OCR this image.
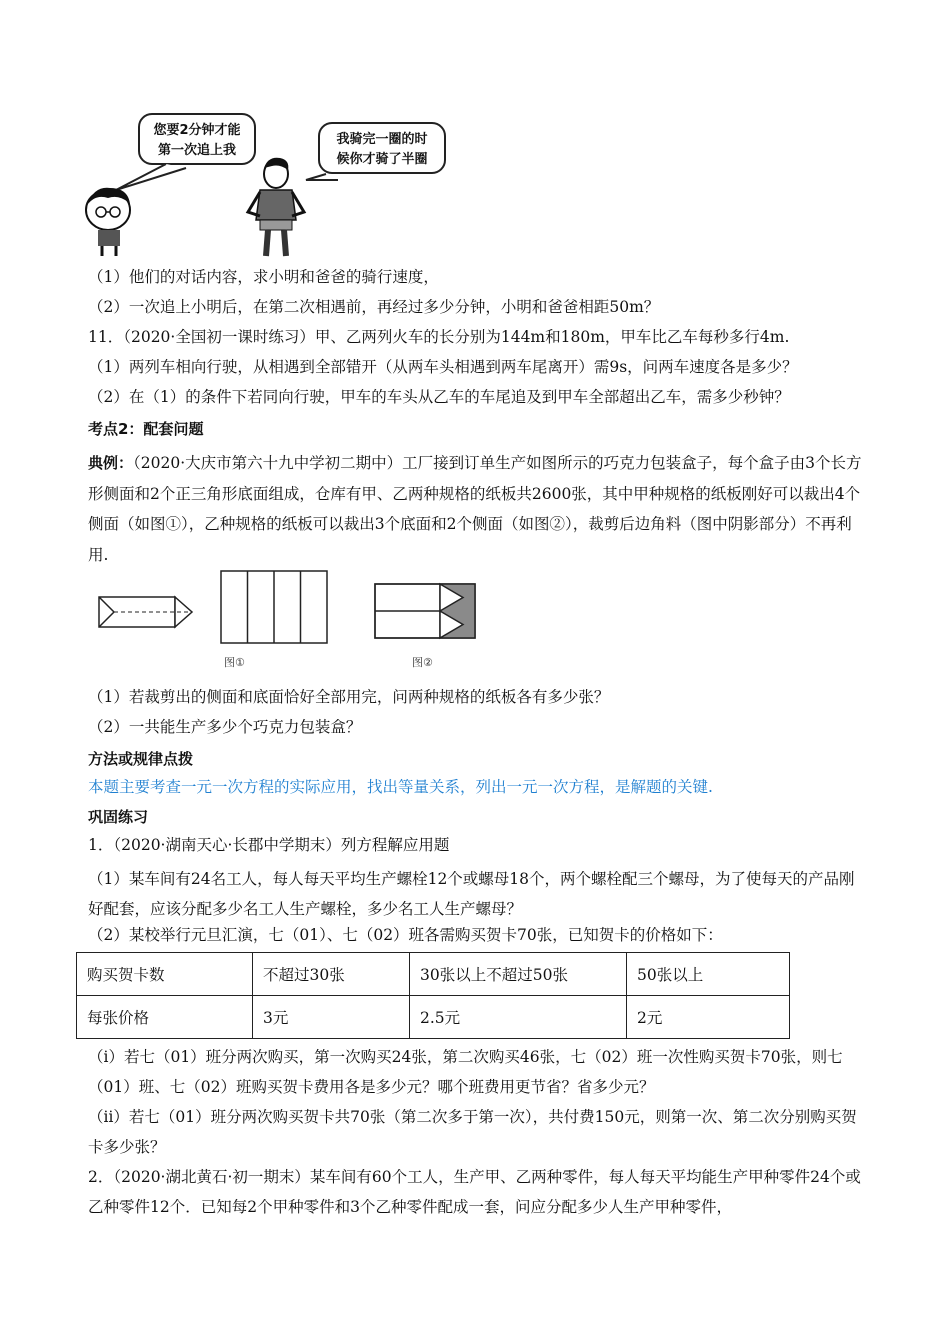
您要2分钟才能
第一次追上我
我骑完一圈的时
候你才骑了半圈
（1）他们的对话内容，求小明和爸爸的骑行速度，
（2）一次追上小明后，在第二次相遇前，再经过多少分钟，小明和爸爸相距50m？
11．（2020·全国初一课时练习）甲、乙两列火车的长分别为144m和180m，甲车比乙车每秒多行4m.
（1）两列车相向行驶，从相遇到全部错开（从两车头相遇到两车尾离开）需9s，问两车速度各是多少？
（2）在（1）的条件下若同向行驶，甲车的车头从乙车的车尾追及到甲车全部超出乙车，需多少秒钟？
考点2：配套问题
典例：（2020·大庆市第六十九中学初二期中）工厂接到订单生产如图所示的巧克力包装盒子，每个盒子由3个长方形侧面和2个正三角形底面组成，仓库有甲、乙两种规格的纸板共2600张，其中甲种规格的纸板刚好可以裁出4个侧面（如图①），乙种规格的纸板可以裁出3个底面和2个侧面（如图②），裁剪后边角料（图中阴影部分）不再利用.
图①	图②
（1）若裁剪出的侧面和底面恰好全部用完，问两种规格的纸板各有多少张？
（2）一共能生产多少个巧克力包装盒？
方法或规律点拨
本题主要考查一元一次方程的实际应用，找出等量关系，列出一元一次方程，是解题的关键.
巩固练习
1．（2020·湖南天心·长郡中学期末）列方程解应用题
（1）某车间有24名工人，每人每天平均生产螺栓12个或螺母18个，两个螺栓配三个螺母，为了使每天的产品刚好配套，应该分配多少名工人生产螺栓，多少名工人生产螺母？
（2）某校举行元旦汇演，七（01）、七（02）班各需购买贺卡70张，已知贺卡的价格如下：
购买贺卡数	不超过30张	30张以上不超过50张	50张以上
每张价格	3元	2.5元	2元
（i）若七（01）班分两次购买，第一次购买24张，第二次购买46张，七（02）班一次性购买贺卡70张，则七（01）班、七（02）班购买贺卡费用各是多少元？哪个班费用更节省？省多少元？
（ⅱ）若七（01）班分两次购买贺卡共70张（第二次多于第一次），共付费150元，则第一次、第二次分别购买贺卡多少张？
2．（2020·湖北黄石·初一期末）某车间有60个工人，生产甲、乙两种零件，每人每天平均能生产甲种零件24个或乙种零件12个．已知每2个甲种零件和3个乙种零件配成一套，问应分配多少人生产甲种零件，
